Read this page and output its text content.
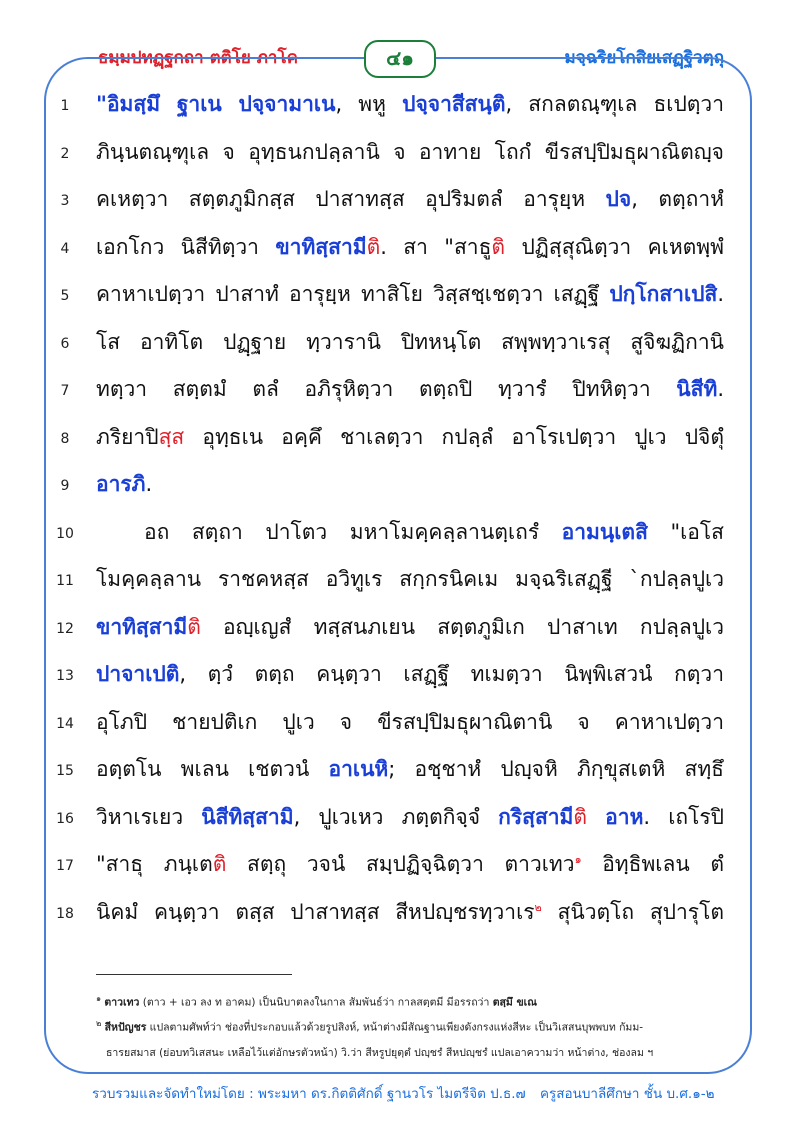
ธมฺมปทฏฺฐกถา ตติโย ภาโค	๔๑	มจฺฉริยโกสิยเสฏฺฐิวตฺถุ
1	"อิมสฺมึ ฐาเน ปจฺจามาเน, พหู ปจฺจาสีสนฺติ, สกลตณฺฑุเล ธเปตฺวา
2	ภินฺนตณฺฑุเล จ อุทฺธนกปลฺลานิ จ อาทาย โถกํ ขีรสปฺปิมธุผาณิตญฺจ
3	คเหตฺวา สตฺตภูมิกสฺส ปาสาทสฺส อุปริมตลํ อารุยฺห ปจ, ตตฺถาหํ
4	เอกโกว นิสีทิตฺวา ขาทิสฺสามีติ. สา "สาธูติ ปฏิสฺสุณิตฺวา คเหตพฺพํ
5	คาหาเปตฺวา ปาสาทํ อารุยฺห ทาสิโย วิสฺสชฺเชตฺวา เสฏฺฐึ ปกฺโกสาเปสิ.
6	โส อาทิโต ปฏฺฐาย ทฺวารานิ ปิทหนฺโต สพฺพทฺวาเรสุ สูจิฆฏิกานิ
7	ทตฺวา สตฺตมํ ตลํ อภิรุหิตฺวา ตตฺถปิ ทฺวารํ ปิทหิตฺวา นิสีทิ.
8	ภริยาปิสฺส อุทฺธเน อคฺคึ ชาเลตฺวา กปลฺลํ อาโรเปตฺวา ปูเว ปจิตุํ
9	อารภิ.
10	อถ สตฺถา ปาโตว มหาโมคฺคลฺลานตฺเถรํ อามนฺเตสิ "เอโส
11 โมคฺคลฺลาน ราชคหสฺส อวิทูเร สกฺกรนิคเม มจฺฉริเสฏฺฐี `กปลฺลปูเว
12 ขาทิสฺสามีติ อญฺเญสํ ทสฺสนภเยน สตฺตภูมิเก ปาสาเท กปลฺลปูเว
13 ปาจาเปติ, ตฺวํ ตตฺถ คนฺตฺวา เสฏฺฐึ ทเมตฺวา นิพฺพิเสวนํ กตฺวา
14 อุโภปิ ชายปติเก ปูเว จ ขีรสปฺปิมธุผาณิตานิ จ คาหาเปตฺวา
15 อตฺตโน พเลน เชตวนํ อาเนหิ; อชฺชาหํ ปญฺจหิ ภิกฺขุสเตหิ สทฺธึ
16 วิหาเรเยว นิสีทิสฺสามิ, ปูเวเหว ภตฺตกิจฺจํ กริสฺสามีติ อาห. เถโรปิ
17 "สาธุ ภนฺเตติ สตฺถุ วจนํ สมฺปฏิจฺฉิตฺวา ตาวเทว$^๑$ อิทฺธิพเลน ตํ
18 นิคมํ คนฺตฺวา ตสฺส ปาสาทสฺส สีหปญฺชรทฺวาเร$^๒$ สุนิวตฺโถ สุปารุโต
$^๑$ ตาวเทว (ตาว + เอว ลง ท อาคม) เป็นนิบาตลงในกาล สัมพันธ์ว่า กาลสตฺตมี มีอรรถว่า ตสฺมึ ขเณ
$^๒$ สีหปัญชร แปลตามศัพท์ว่า ช่องที่ประกอบแล้วด้วยรูปสิงห์, หน้าต่างมีสัณฐานเพียงดังกรงแห่งสีหะ เป็นวิเสสนบุพพบท กัมม-
ธารยสมาส (ย่อบทวิเสสนะ เหลือไว้แต่อักษรตัวหน้า) วิ.ว่า สีหรูปยุตฺตํ ปญฺชรํ สีหปญฺชรํ แปลเอาความว่า หน้าต่าง, ช่องลม ฯ
รวบรวมและจัดทำใหม่โดย : พระมหา ดร.กิตติศักดิ์ ฐานวโร ไมตรีจิต ป.ธ.๗ ครูสอนบาลีศึกษา ชั้น บ.ศ.๑-๒
